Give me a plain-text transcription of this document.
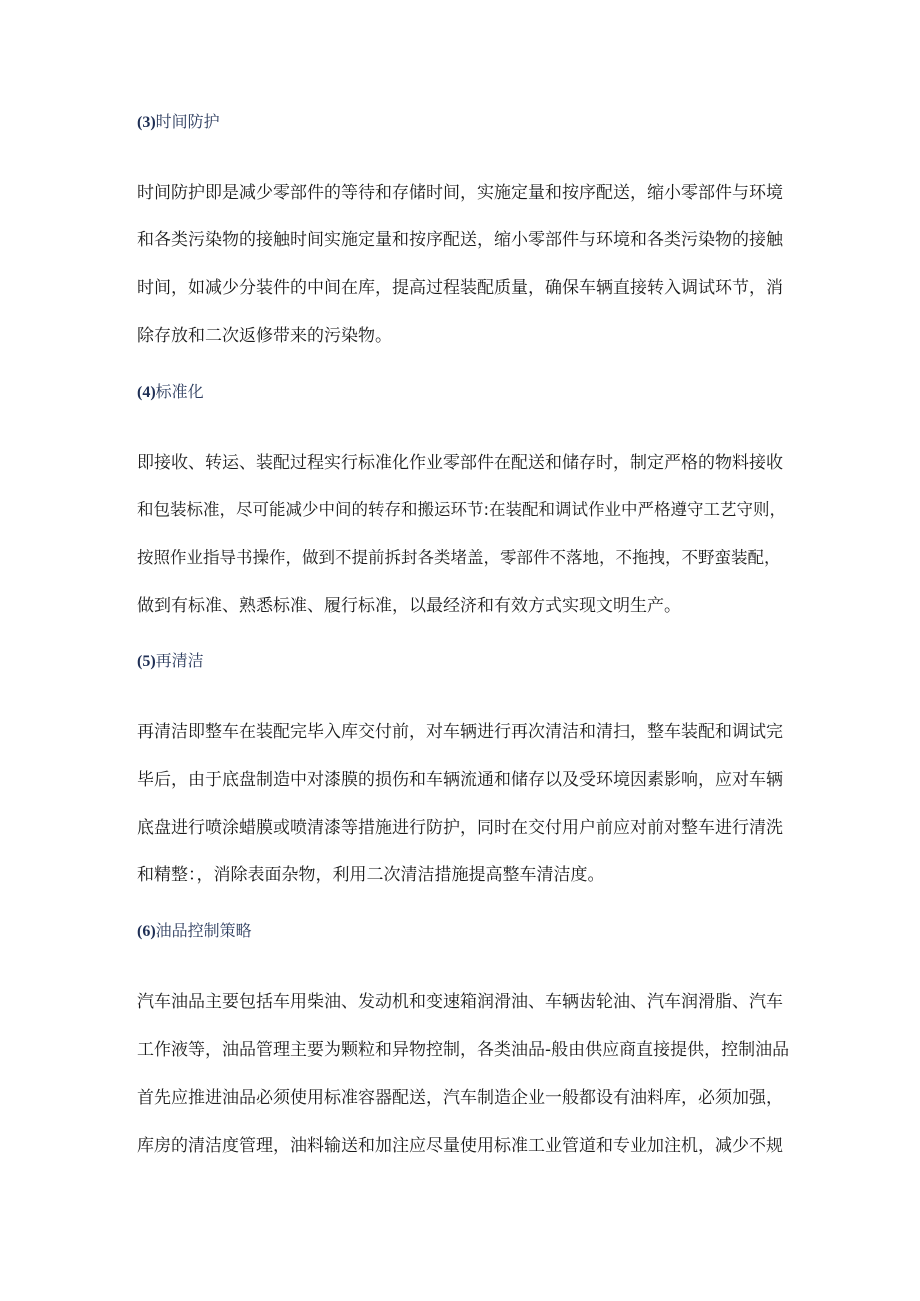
(3)时间防护
时间防护即是减少零部件的等待和存储时间，实施定量和按序配送，缩小零部件与环境
和各类污染物的接触时间实施定量和按序配送，缩小零部件与环境和各类污染物的接触
时间，如减少分装件的中间在库，提高过程装配质量，确保车辆直接转入调试环节，消
除存放和二次返修带来的污染物。
(4)标准化
即接收、转运、装配过程实行标准化作业零部件在配送和储存时，制定严格的物料接收
和包装标准，尽可能减少中间的转存和搬运环节:在装配和调试作业中严格遵守工艺守则，
按照作业指导书操作，做到不提前拆封各类堵盖，零部件不落地，不拖拽，不野蛮装配，
做到有标准、熟悉标准、履行标准，以最经济和有效方式实现文明生产。
(5)再清洁
再清洁即整车在装配完毕入库交付前，对车辆进行再次清洁和清扫，整车装配和调试完
毕后，由于底盘制造中对漆膜的损伤和车辆流通和储存以及受环境因素影响，应对车辆
底盘进行喷涂蜡膜或喷清漆等措施进行防护，同时在交付用户前应对前对整车进行清洗
和精整：，消除表面杂物，利用二次清洁措施提高整车清洁度。
(6)油品控制策略
汽车油品主要包括车用柴油、发动机和变速箱润滑油、车辆齿轮油、汽车润滑脂、汽车
工作液等，油品管理主要为颗粒和异物控制，各类油品-般由供应商直接提供，控制油品
首先应推进油品必须使用标准容器配送，汽车制造企业一般都设有油料库，必须加强，
库房的清洁度管理，油料输送和加注应尽量使用标准工业管道和专业加注机，减少不规
